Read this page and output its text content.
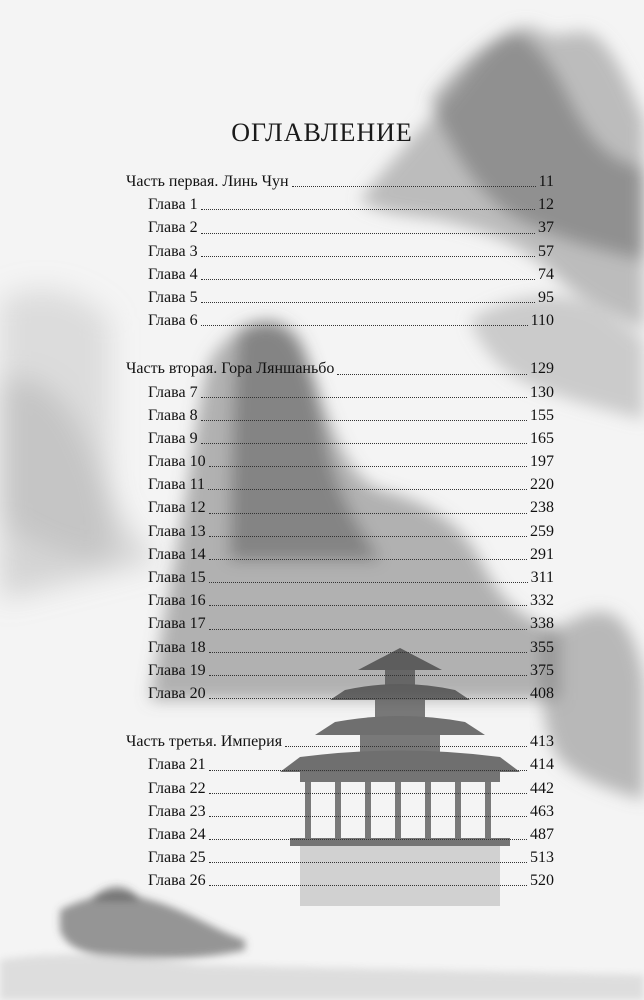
ОГЛАВЛЕНИЕ
Часть первая. Линь Чун	11
Глава 1	12
Глава 2	37
Глава 3	57
Глава 4	74
Глава 5	95
Глава 6	110
Часть вторая. Гора Ляншаньбо	129
Глава 7	130
Глава 8	155
Глава 9	165
Глава 10	197
Глава 11	220
Глава 12	238
Глава 13	259
Глава 14	291
Глава 15	311
Глава 16	332
Глава 17	338
Глава 18	355
Глава 19	375
Глава 20	408
Часть третья. Империя	413
Глава 21	414
Глава 22	442
Глава 23	463
Глава 24	487
Глава 25	513
Глава 26	520
